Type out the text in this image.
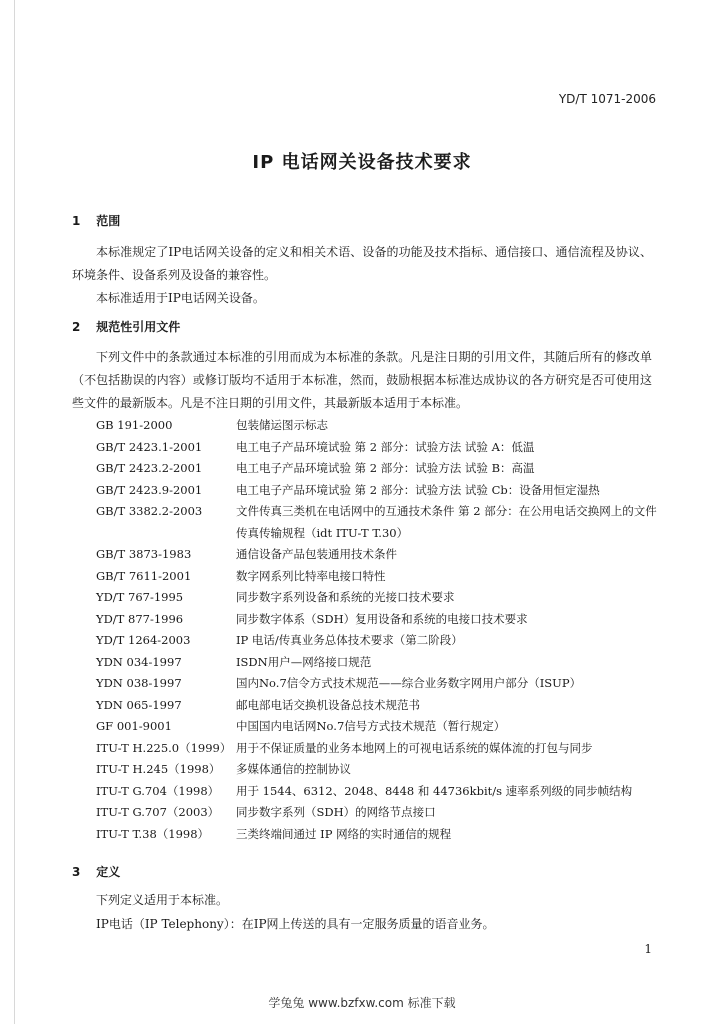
YD/T 1071-2006
IP 电话网关设备技术要求
1 范围
本标准规定了IP电话网关设备的定义和相关术语、设备的功能及技术指标、通信接口、通信流程及协议、环境条件、设备系列及设备的兼容性。
本标准适用于IP电话网关设备。
2 规范性引用文件
下列文件中的条款通过本标准的引用而成为本标准的条款。凡是注日期的引用文件，其随后所有的修改单（不包括勘误的内容）或修订版均不适用于本标准，然而，鼓励根据本标准达成协议的各方研究是否可使用这些文件的最新版本。凡是不注日期的引用文件，其最新版本适用于本标准。
GB 191-2000	包装储运图示标志
GB/T 2423.1-2001	电工电子产品环境试验 第 2 部分：试验方法 试验 A：低温
GB/T 2423.2-2001	电工电子产品环境试验 第 2 部分：试验方法 试验 B：高温
GB/T 2423.9-2001	电工电子产品环境试验 第 2 部分：试验方法 试验 Cb：设备用恒定湿热
GB/T 3382.2-2003	文件传真三类机在电话网中的互通技术条件 第 2 部分：在公用电话交换网上的文件传真传输规程（idt ITU-T T.30）
GB/T 3873-1983	通信设备产品包装通用技术条件
GB/T 7611-2001	数字网系列比特率电接口特性
YD/T 767-1995	同步数字系列设备和系统的光接口技术要求
YD/T 877-1996	同步数字体系（SDH）复用设备和系统的电接口技术要求
YD/T 1264-2003	IP 电话/传真业务总体技术要求（第二阶段）
YDN 034-1997	ISDN用户—网络接口规范
YDN 038-1997	国内No.7信令方式技术规范——综合业务数字网用户部分（ISUP）
YDN 065-1997	邮电部电话交换机设备总技术规范书
GF 001-9001	中国国内电话网No.7信号方式技术规范（暂行规定）
ITU-T H.225.0（1999） 用于不保证质量的业务本地网上的可视电话系统的媒体流的打包与同步
ITU-T H.245（1998）	多媒体通信的控制协议
ITU-T G.704（1998）	用于 1544、6312、2048、8448 和 44736kbit/s 速率系列级的同步帧结构
ITU-T G.707（2003）	同步数字系列（SDH）的网络节点接口
ITU-T T.38（1998）	三类终端间通过 IP 网络的实时通信的规程
3 定义
下列定义适用于本标准。
IP电话（IP Telephony）：在IP网上传送的具有一定服务质量的语音业务。
1
学兔兔 www.bzfxw.com 标准下载
